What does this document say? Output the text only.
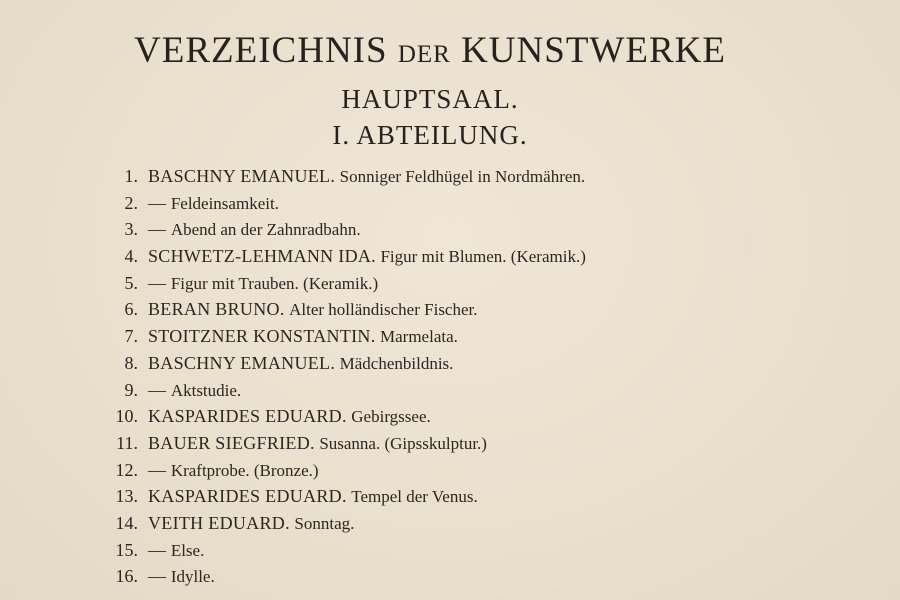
VERZEICHNIS DER KUNSTWERKE
HAUPTSAAL.
I. ABTEILUNG.
1. BASCHNY EMANUEL. Sonniger Feldhügel in Nordmähren.
2. — Feldeinsamkeit.
3. — Abend an der Zahnradbahn.
4. SCHWETZ-LEHMANN IDA. Figur mit Blumen. (Keramik.)
5. — Figur mit Trauben. (Keramik.)
6. BERAN BRUNO. Alter holländischer Fischer.
7. STOITZNER KONSTANTIN. Marmelata.
8. BASCHNY EMANUEL. Mädchenbildnis.
9. — Aktstudie.
10. KASPARIDES EDUARD. Gebirgssee.
11. BAUER SIEGFRIED. Susanna. (Gipsskulptur.)
12. — Kraftprobe. (Bronze.)
13. KASPARIDES EDUARD. Tempel der Venus.
14. VEITH EDUARD. Sonntag.
15. — Else.
16. — Idylle.
